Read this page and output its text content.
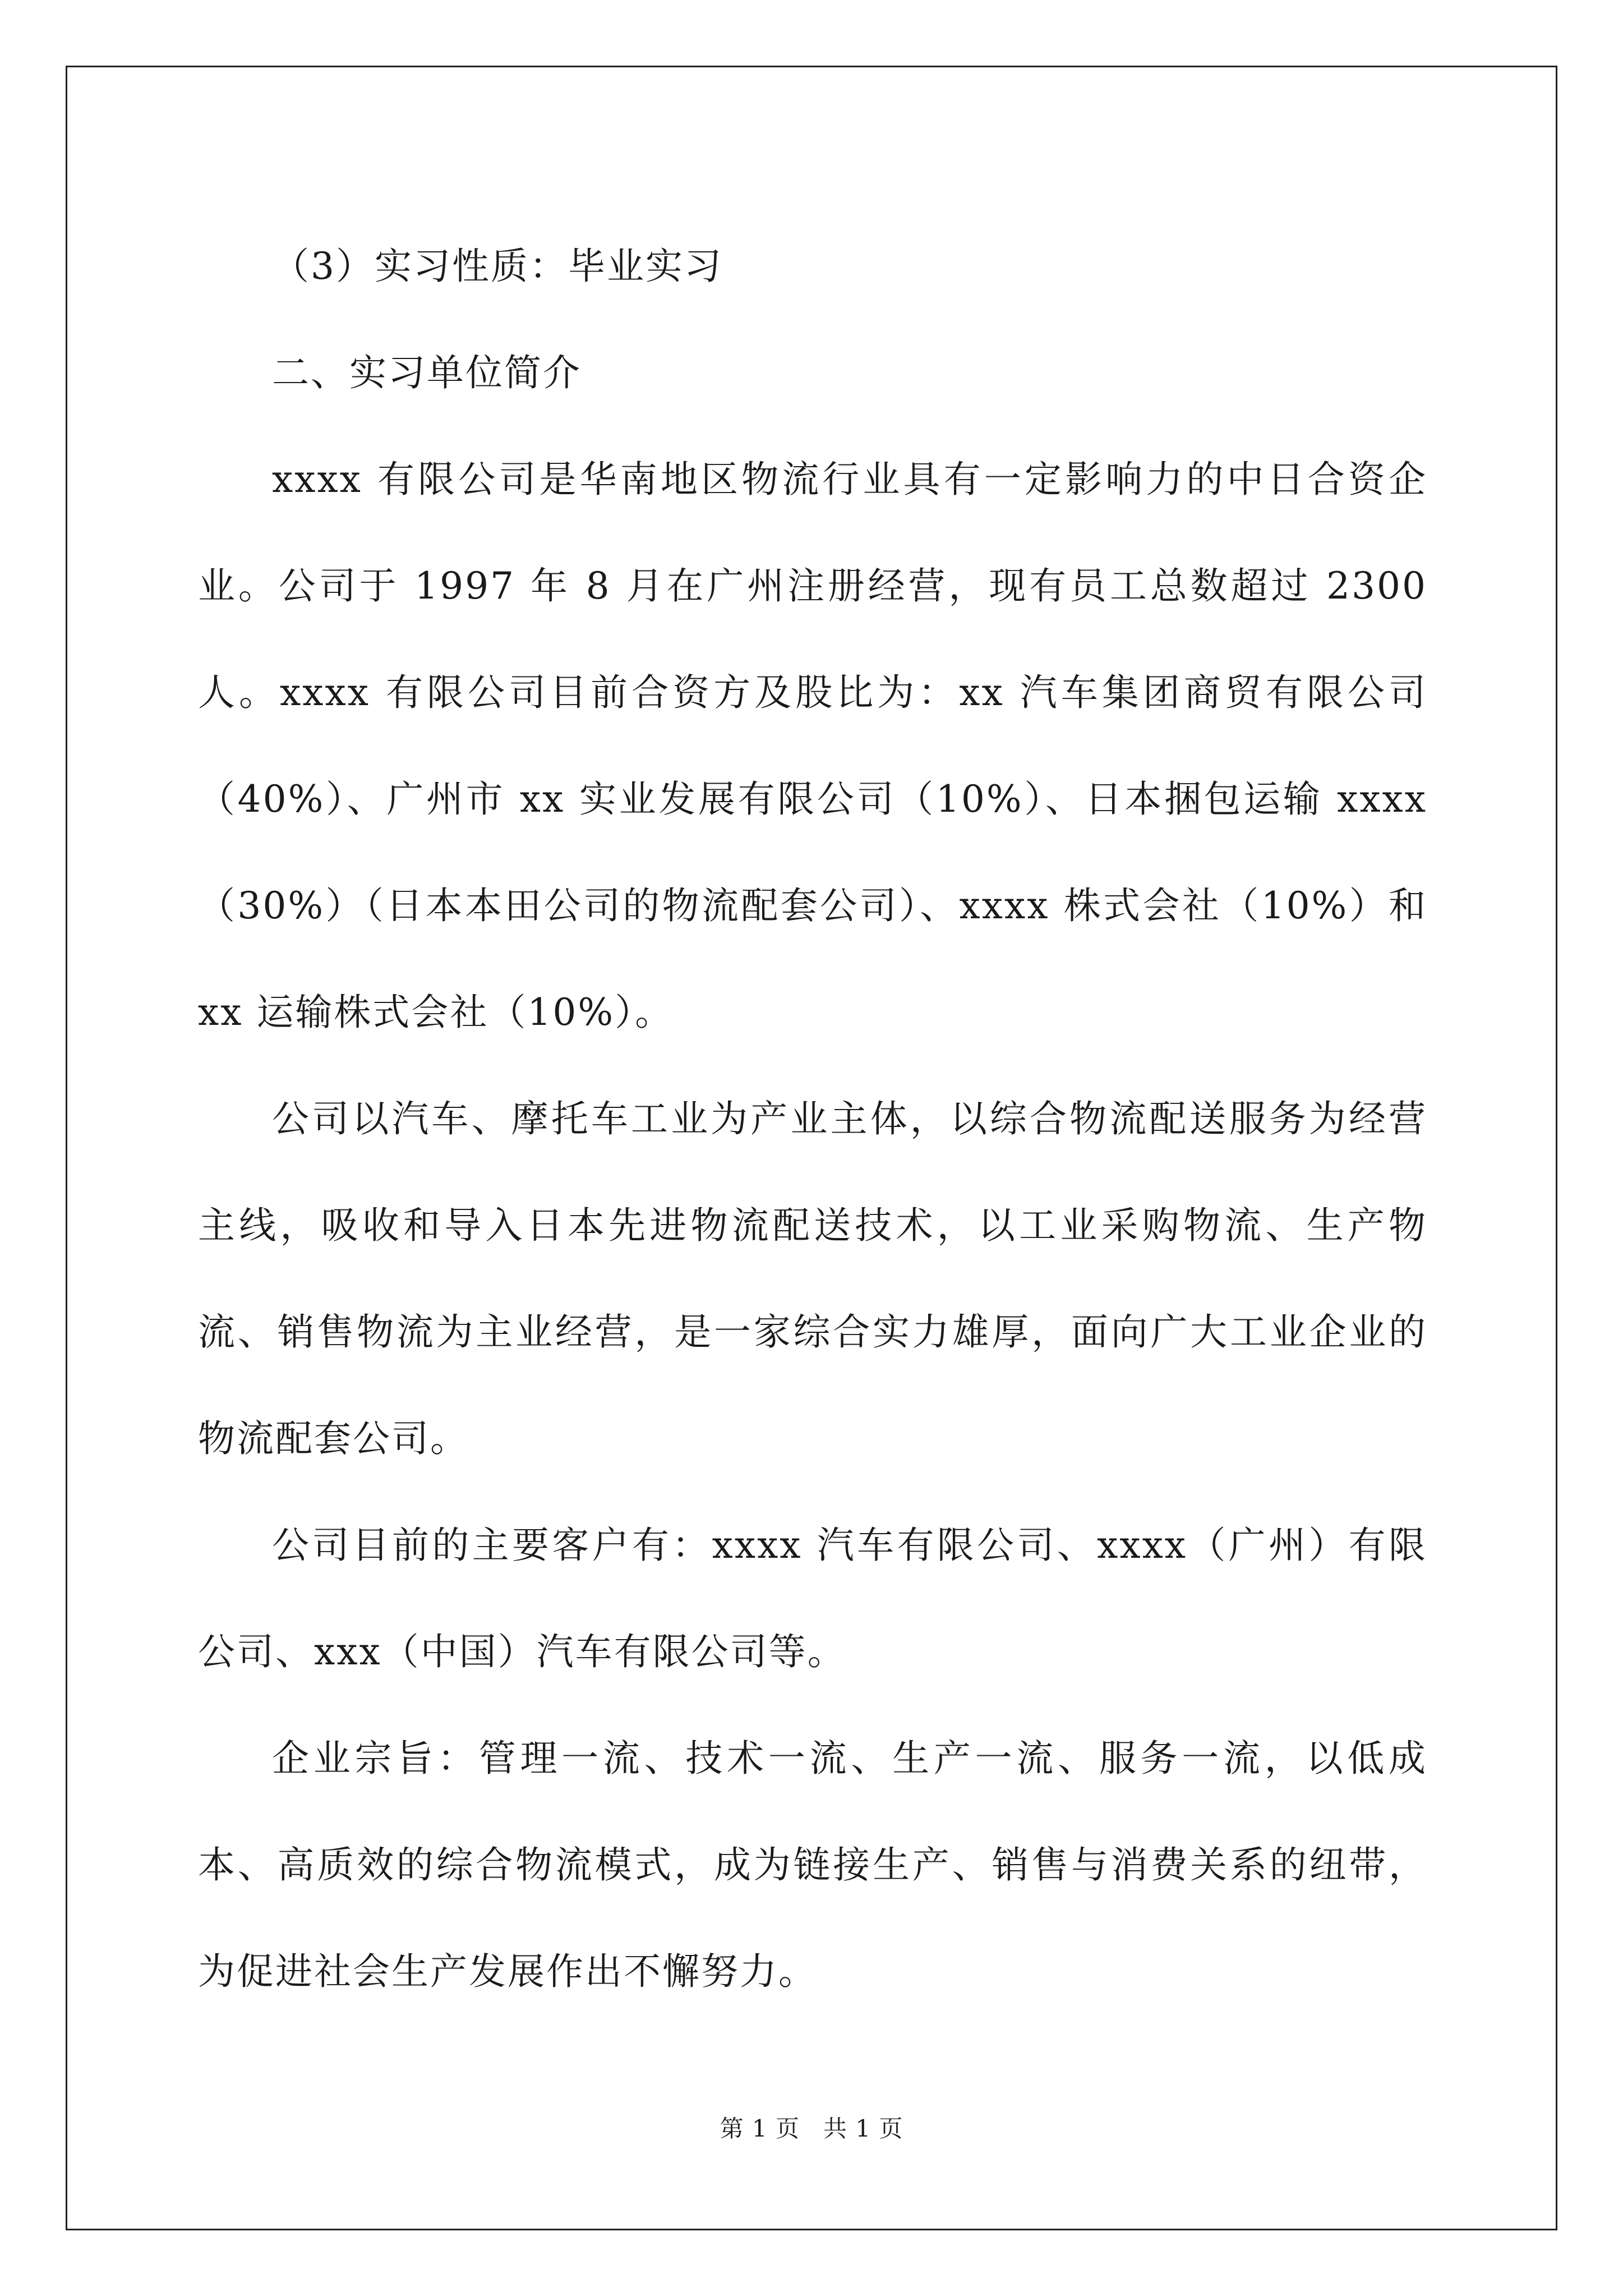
（3）实习性质：毕业实习

二、实习单位简介

xxxx 有限公司是华南地区物流行业具有一定影响力的中日合资企业。公司于 1997 年 8 月在广州注册经营，现有员工总数超过 2300 人。xxxx 有限公司目前合资方及股比为：xx 汽车集团商贸有限公司（40%）、广州市 xx 实业发展有限公司（10%）、日本捆包运输 xxxx（30%）（日本本田公司的物流配套公司）、xxxx 株式会社（10%）和 xx 运输株式会社（10%）。

公司以汽车、摩托车工业为产业主体，以综合物流配送服务为经营主线，吸收和导入日本先进物流配送技术，以工业采购物流、生产物流、销售物流为主业经营，是一家综合实力雄厚，面向广大工业企业的物流配套公司。

公司目前的主要客户有：xxxx 汽车有限公司、xxxx（广州）有限公司、xxx（中国）汽车有限公司等。

企业宗旨：管理一流、技术一流、生产一流、服务一流，以低成本、高质效的综合物流模式，成为链接生产、销售与消费关系的纽带，为促进社会生产发展作出不懈努力。

第 1 页 共 1 页
